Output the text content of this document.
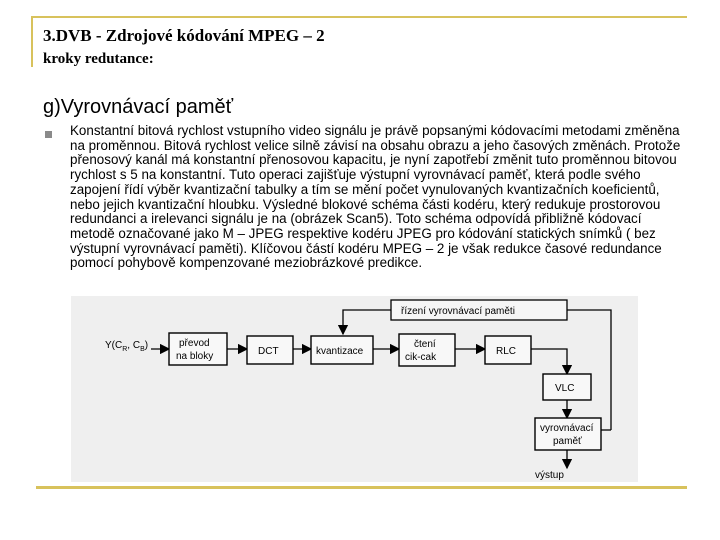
3.DVB - Zdrojové kódování MPEG – 2
kroky redutance:
g)Vyrovnávací paměť

Konstantní bitová rychlost vstupního video signálu je právě popsanými kódovacími metodami změněna na proměnnou. Bitová rychlost velice silně závisí na obsahu obrazu a jeho časových změnách. Protože přenosový kanál má konstantní přenosovou kapacitu, je nyní zapotřebí změnit tuto proměnnou bitovou rychlost s 5 na konstantní. Tuto operaci zajišťuje výstupní vyrovnávací paměť, která podle svého zapojení řídí výběr kvantizační tabulky a tím se mění počet vynulovaných kvantizačních koeficientů, nebo jejich kvantizační hloubku. Výsledné blokové schéma části kodéru, který redukuje prostorovou redundanci a irelevanci signálu je na (obrázek Scan5). Toto schéma odpovídá přibližně kódovací metodě označované jako M – JPEG respektive kodéru JPEG pro kódování statických snímků ( bez výstupní vyrovnávací paměti). Klíčovou částí kodéru MPEG – 2 je však redukce časové redundance pomocí pohybově kompenzované meziobrázkové predikce.

řízení vyrovnávací paměti
$Y(C_R$, $C_B$)	převod
na bloky	DCT	kvantizace
čtení
cik-cak
RLC
VLC
vyrovnávací
paměť
výstup
